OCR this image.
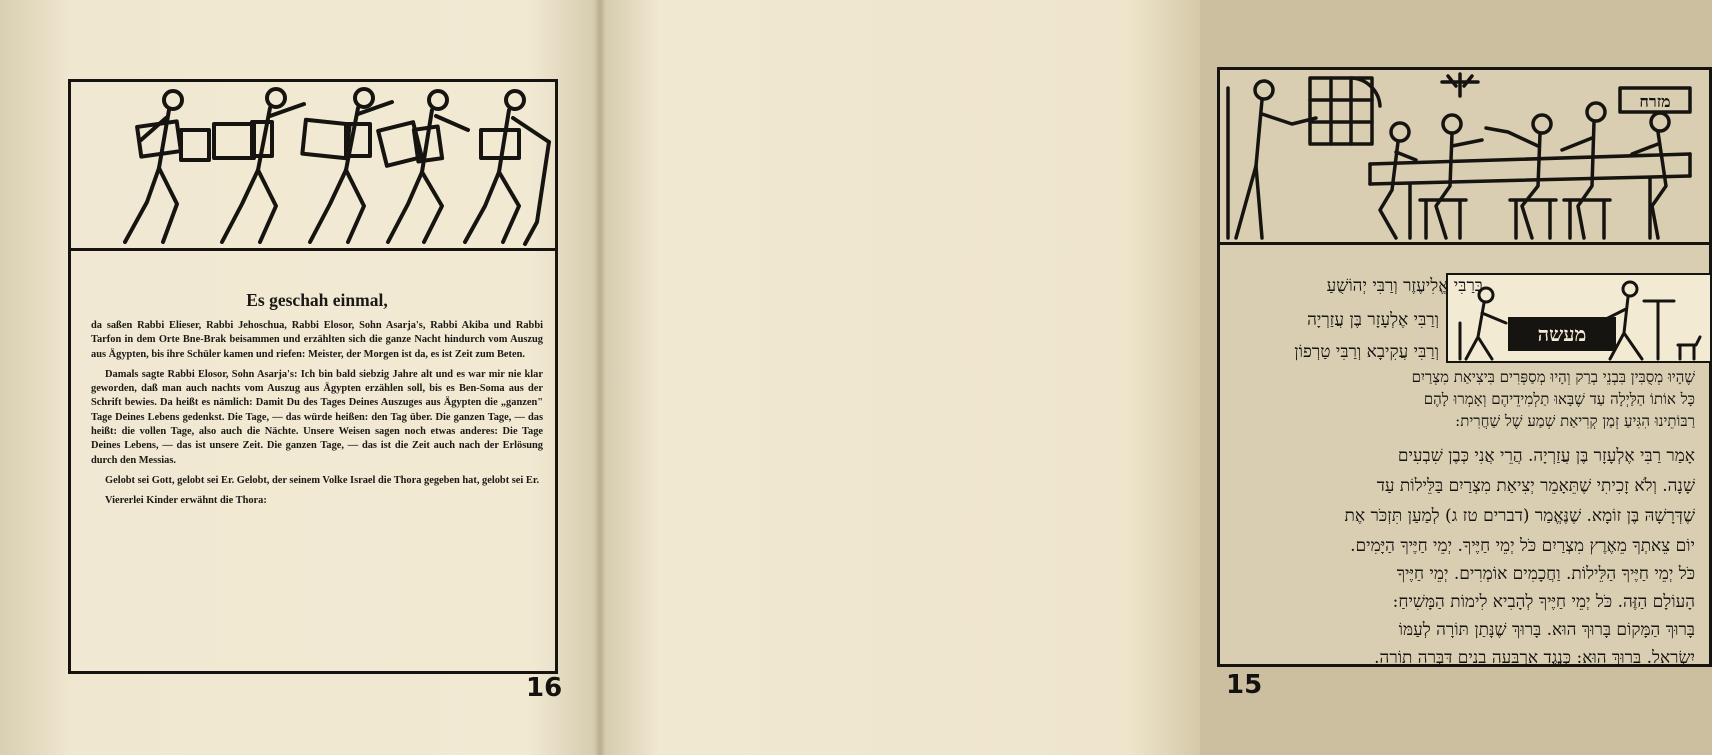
Es geschah einmal,

da saßen Rabbi Elieser, Rabbi Jehoschua, Rabbi Elosor, Sohn Asarja's, Rabbi Akiba und Rabbi Tarfon in dem Orte Bne-Brak beisammen und erzählten sich die ganze Nacht hindurch vom Auszug aus Ägypten, bis ihre Schüler kamen und riefen: Meister, der Morgen ist da, es ist Zeit zum Beten.

Damals sagte Rabbi Elosor, Sohn Asarja's: Ich bin bald siebzig Jahre alt und es war mir nie klar geworden, daß man auch nachts vom Auszug aus Ägypten erzählen soll, bis es Ben-Soma aus der Schrift bewies. Da heißt es nämlich: Damit Du des Tages Deines Auszuges aus Ägypten die „ganzen" Tage Deines Lebens gedenkst. Die Tage, — das würde heißen: den Tag über. Die ganzen Tage, — das heißt: die vollen Tage, also auch die Nächte. Unsere Weisen sagen noch etwas anderes: Die Tage Deines Lebens, — das ist unsere Zeit. Die ganzen Tage, — das ist die Zeit auch nach der Erlösung durch den Messias.

Gelobt sei Gott, gelobt sei Er. Gelobt, der seinem Volke Israel die Thora gegeben hat, gelobt sei Er.

Viererlei Kinder erwähnt die Thora:

16
מזרח
מעשה
בְּרַבִּי אֱלִיעֶזֶר וְרַבִּי יְהוֹשֻׁעַ
וְרַבִּי אֶלְעָזָר בֶּן עֲזַרְיָה
וְרַבִּי עֲקִיבָא וְרַבִּי טַרְפוֹן
שֶׁהָיוּ מְסֻבִּין בִּבְנֵי בְרַק וְהָיוּ מְסַפְּרִים בִּיצִיאַת מִצְרַיִם
כָּל אוֹתוֹ הַלַּיְלָה עַד שֶׁבָּאוּ תַלְמִידֵיהֶם וְאָמְרוּ לָהֶם
רַבּוֹתֵינוּ הִגִּיעַ זְמַן קְרִיאַת שְׁמַע שֶׁל שַׁחֲרִית:
אָמַר רַבִּי אֶלְעָזָר בֶּן עֲזַרְיָה. הֲרֵי אֲנִי כְּבֶן שִׁבְעִים
שָׁנָה. וְלֹא זָכִיתִי שֶׁתֵּאָמֵר יְצִיאַת מִצְרַיִם בַּלֵּילוֹת עַד
שֶׁדְּרָשָׁהּ בֶּן זוֹמָא. שֶׁנֶּאֱמַר (דברים טז ג) לְמַעַן תִּזְכֹּר אֶת
יוֹם צֵאתְךָ מֵאֶרֶץ מִצְרַיִם כֹּל יְמֵי חַיֶּיךָ. יְמֵי חַיֶּיךָ הַיָּמִים.
כֹּל יְמֵי חַיֶּיךָ הַלֵּילוֹת. וַחֲכָמִים אוֹמְרִים. יְמֵי חַיֶּיךָ
הָעוֹלָם הַזֶּה. כֹּל יְמֵי חַיֶּיךָ לְהָבִיא לִימוֹת הַמָּשִׁיחַ:
בָּרוּךְ הַמָּקוֹם בָּרוּךְ הוּא. בָּרוּךְ שֶׁנָּתַן תּוֹרָה לְעַמּוֹ
יִשְׂרָאֵל. בָּרוּךְ הוּא: כְּנֶגֶד אַרְבָּעָה בָנִים דִּבְּרָה תוֹרָה.
15
